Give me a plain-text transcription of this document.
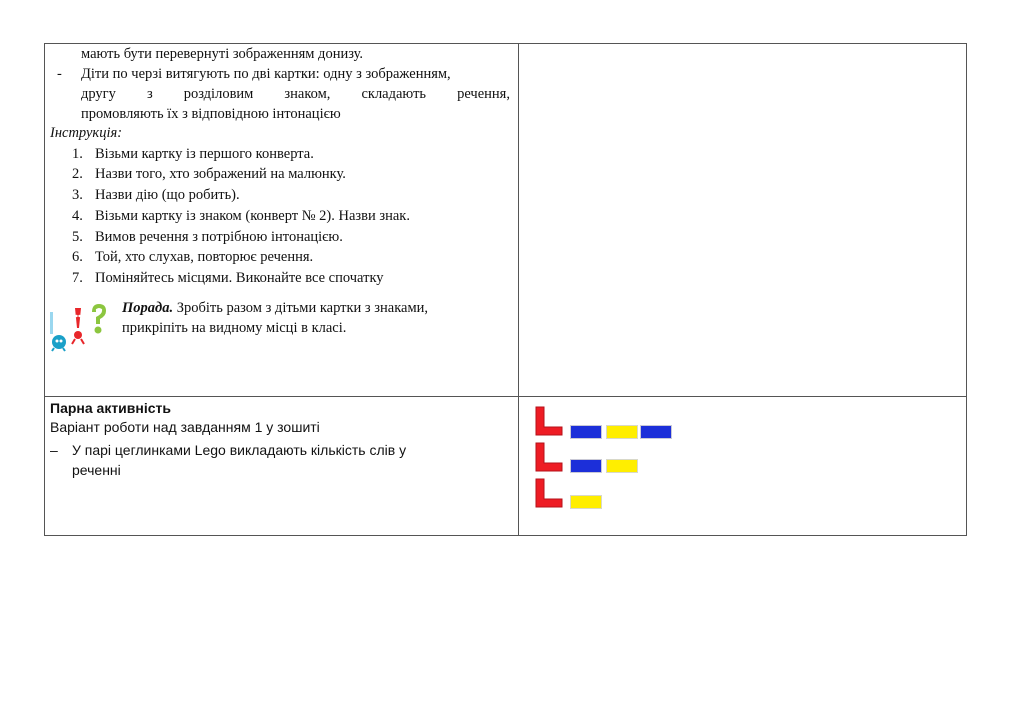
мають бути перевернуті зображенням донизу.
- Діти по черзі витягують по дві картки: одну з зображенням,
другу з розділовим знаком, складають речення,
промовляють їх з відповідною інтонацією
Інструкція:
1. Візьми картку із першого конверта.
2. Назви того, хто зображений на малюнку.
3. Назви дію (що робить).
4. Візьми картку із знаком (конверт № 2). Назви знак.
5. Вимов речення з потрібною інтонацією.
6. Той, хто слухав, повторює речення.
7. Поміняйтесь місцями. Виконайте все спочатку
Порада. Зробіть разом з дітьми картки з знаками,
прикріпіть на видному місці в класі.
Парна активність
Варіант роботи над завданням 1 у зошиті
– У парі цеглинками Lego викладають кількість слів у
реченні
